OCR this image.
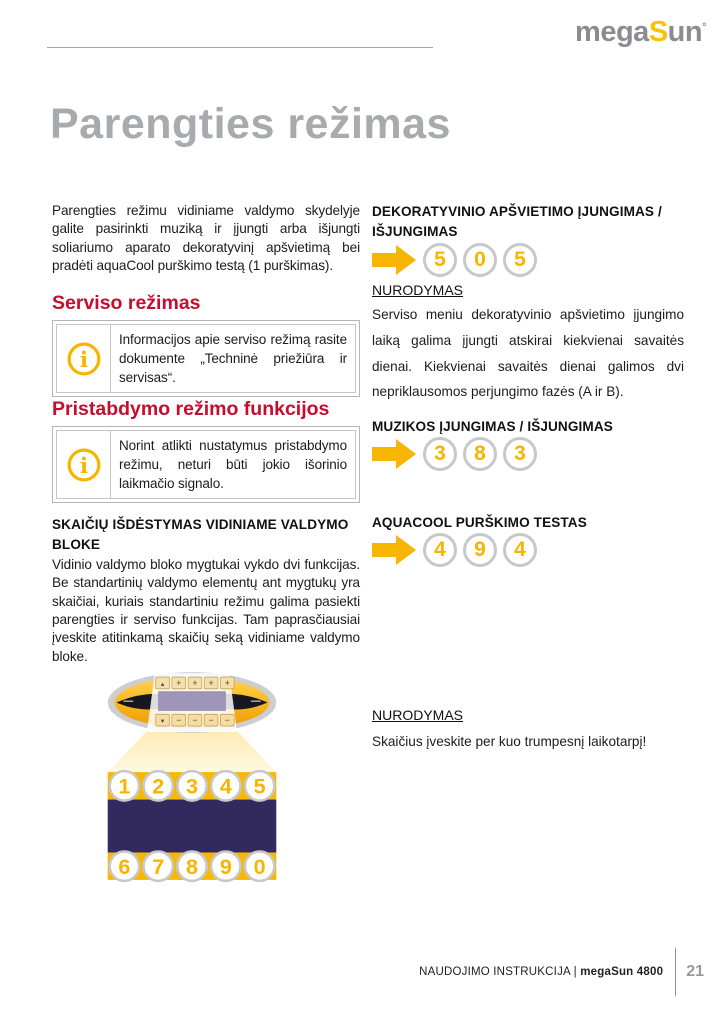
megaSun°
Parengties režimas

Parengties režimu vidiniame valdymo skydelyje galite pasirinkti muziką ir įjungti arba išjungti soliariumo aparato dekoratyvinį apšvietimą bei pradėti aquaCool purškimo testą (1 purškimas).

Serviso režimas
i
Informacijos apie serviso režimą rasite dokumente „Techninė priežiūra ir servisas“.
Pristabdymo režimo funkcijos
i
Norint atlikti nustatymus pristabdymo režimu, neturi būti jokio išorinio laikmačio signalo.
SKAIČIŲ IŠDĖSTYMAS VIDINIAME VALDYMO BLOKE

Vidinio valdymo bloko mygtukai vykdo dvi funkcijas. Be standartinių valdymo elementų ant mygtukų yra skaičiai, kuriais standartiniu režimu galima pasiekti parengties ir serviso funkcijas. Tam paprasčiausiai įveskite atitinkamą skaičių seką vidiniame valdymo bloke.

1 2 3 4 5
6 7 8 9 0
▲ + + + +
▼ − − − −
DEKORATYVINIO APŠVIETIMO ĮJUNGIMAS / IŠJUNGIMAS
5	0	5
NURODYMAS

Serviso meniu dekoratyvinio apšvietimo įjungimo laiką galima įjungti atskirai kiekvienai savaitės dienai. Kiekvienai savaitės dienai galimos dvi nepriklausomos perjungimo fazės (A ir B).

MUZIKOS ĮJUNGIMAS / IŠJUNGIMAS
3	8	3
AQUACOOL PURŠKIMO TESTAS
4	9	4
NURODYMAS

Skaičius įveskite per kuo trumpesnį laikotarpį!

NAUDOJIMO INSTRUKCIJA | megaSun 4800 21
